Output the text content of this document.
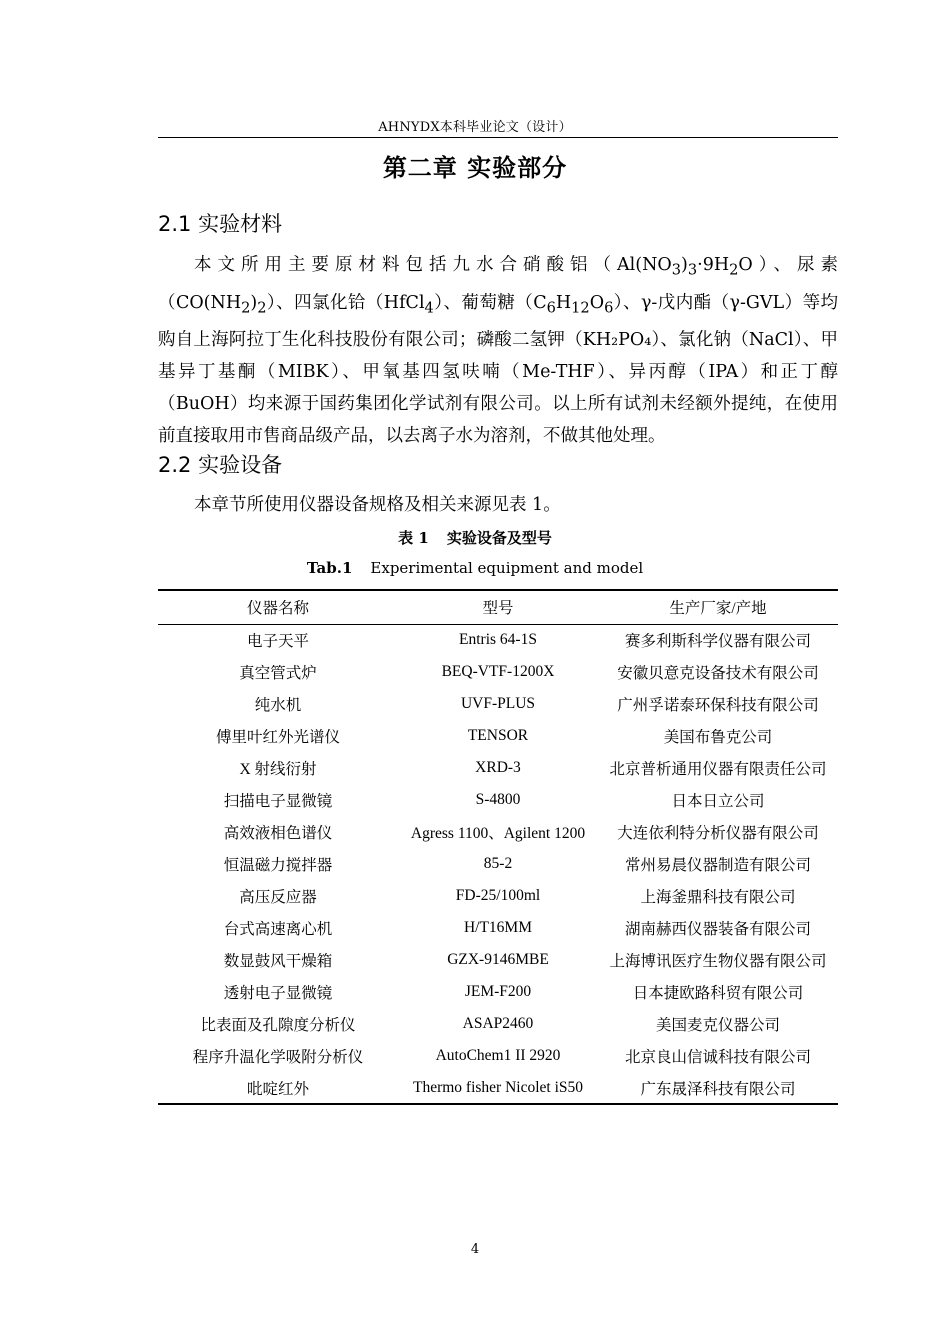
AHNYDX本科毕业论文（设计）
第二章 实验部分
2.1 实验材料
本文所用主要原材料包括九水合硝酸铝$(Al(NO_3)_3\cdot 9H_2O)$、尿素$(CO(NH_2)_2)$、四氯化铪（HfCl$_4$）、葡萄糖$(C_6H_{12}O_6)$、γ-戊内酯（γ-GVL）等均购自上海阿拉丁生化科技股份有限公司；磷酸二氢钾（KH₂PO₄）、氯化钠（NaCl）、甲基异丁基酮（MIBK）、甲氧基四氢呋喃（Me-THF）、异丙醇（IPA）和正丁醇（BuOH）均来源于国药集团化学试剂有限公司。以上所有试剂未经额外提纯，在使用前直接取用市售商品级产品，以去离子水为溶剂，不做其他处理。
2.2 实验设备
本章节所使用仪器设备规格及相关来源见表 1。
表 1 实验设备及型号
Tab.1 Experimental equipment and model
仪器名称	型号	生产厂家/产地
电子天平	Entris 64-1S	赛多利斯科学仪器有限公司
真空管式炉	BEQ-VTF-1200X	安徽贝意克设备技术有限公司
纯水机	UVF-PLUS	广州孚诺泰环保科技有限公司
傅里叶红外光谱仪	TENSOR	美国布鲁克公司
X 射线衍射	XRD-3	北京普析通用仪器有限责任公司
扫描电子显微镜	S-4800	日本日立公司
高效液相色谱仪	Agress 1100、Agilent 1200	大连依利特分析仪器有限公司
恒温磁力搅拌器	85-2	常州易晨仪器制造有限公司
高压反应器	FD-25/100ml	上海釜鼎科技有限公司
台式高速离心机	H/T16MM	湖南赫西仪器装备有限公司
数显鼓风干燥箱	GZX-9146MBE	上海博讯医疗生物仪器有限公司
透射电子显微镜	JEM-F200	日本捷欧路科贸有限公司
比表面及孔隙度分析仪	ASAP2460	美国麦克仪器公司
程序升温化学吸附分析仪	AutoChem1 II 2920	北京良山信诚科技有限公司
吡啶红外	Thermo fisher Nicolet iS50	广东晟泽科技有限公司
4
